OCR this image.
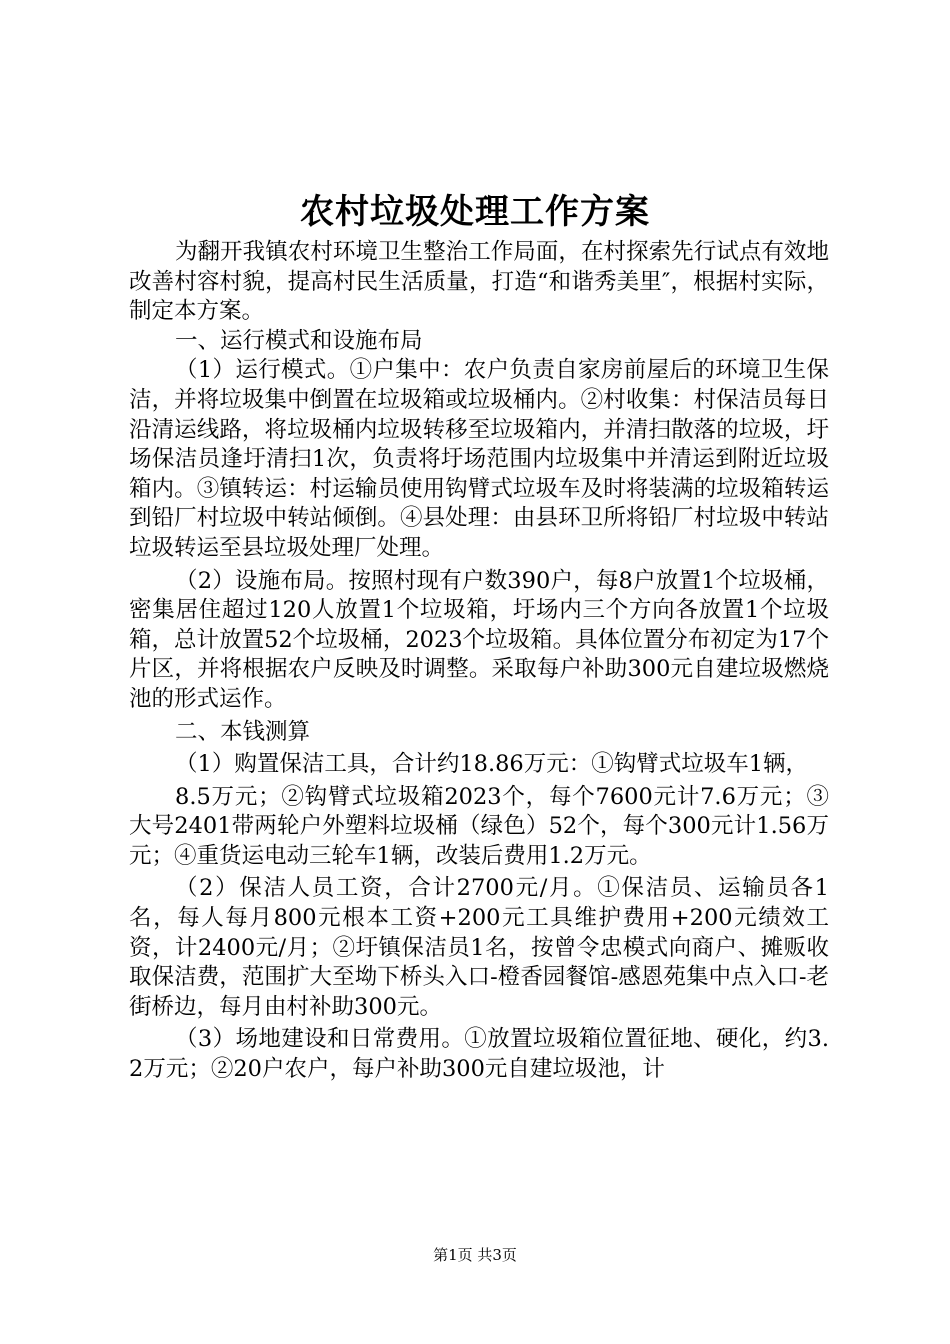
农村垃圾处理工作方案

为翻开我镇农村环境卫生整治工作局面，在村探索先行试点有效地改善村容村貌，提高村民生活质量，打造“和谐秀美里″，根据村实际，制定本方案。

一、运行模式和设施布局

（1）运行模式。①户集中：农户负责自家房前屋后的环境卫生保洁，并将垃圾集中倒置在垃圾箱或垃圾桶内。②村收集：村保洁员每日沿清运线路，将垃圾桶内垃圾转移至垃圾箱内，并清扫散落的垃圾，圩场保洁员逢圩清扫1次，负责将圩场范围内垃圾集中并清运到附近垃圾箱内。③镇转运：村运输员使用钩臂式垃圾车及时将装满的垃圾箱转运到铅厂村垃圾中转站倾倒。④县处理：由县环卫所将铅厂村垃圾中转站垃圾转运至县垃圾处理厂处理。

（2）设施布局。按照村现有户数390户，每8户放置1个垃圾桶，密集居住超过120人放置1个垃圾箱，圩场内三个方向各放置1个垃圾箱，总计放置52个垃圾桶，2023个垃圾箱。具体位置分布初定为17个片区，并将根据农户反映及时调整。采取每户补助300元自建垃圾燃烧池的形式运作。

二、本钱测算

（1）购置保洁工具，合计约18.86万元：①钩臂式垃圾车1辆，

8.5万元；②钩臂式垃圾箱2023个，每个7600元计7.6万元；③大号2401带两轮户外塑料垃圾桶（绿色）52个，每个300元计1.56万元；④重货运电动三轮车1辆，改装后费用1.2万元。

（2）保洁人员工资，合计2700元/月。①保洁员、运输员各1名，每人每月800元根本工资+200元工具维护费用+200元绩效工资，计2400元/月；②圩镇保洁员1名，按曾令忠模式向商户、摊贩收取保洁费，范围扩大至坳下桥头入口-橙香园餐馆-感恩苑集中点入口-老街桥边，每月由村补助300元。

（3）场地建设和日常费用。①放置垃圾箱位置征地、硬化，约3.2万元；②20户农户，每户补助300元自建垃圾池，计

第1页 共3页
